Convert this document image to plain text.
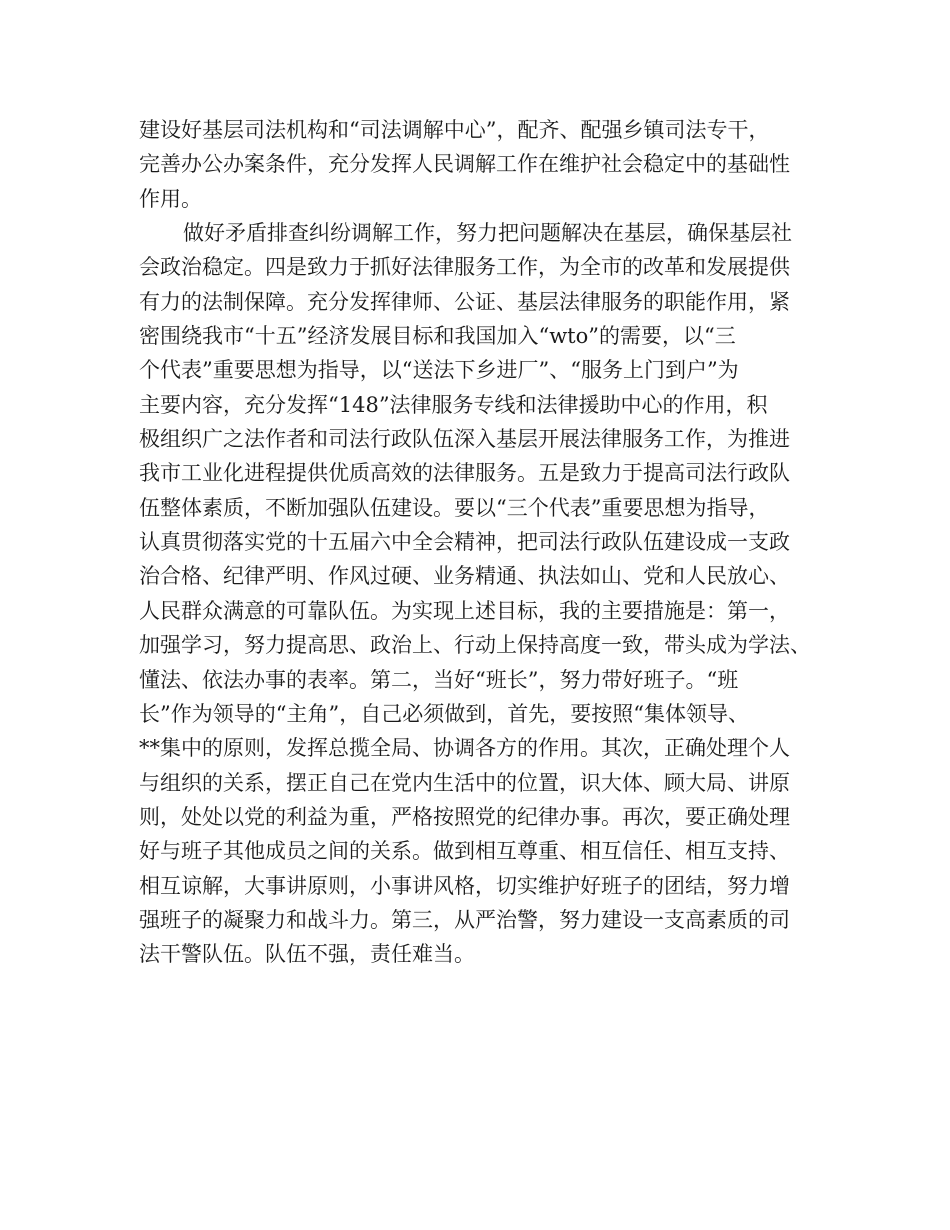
建设好基层司法机构和“司法调解中心”，配齐、配强乡镇司法专干，
完善办公办案条件，充分发挥人民调解工作在维护社会稳定中的基础性
作用。
做好矛盾排查纠纷调解工作，努力把问题解决在基层，确保基层社
会政治稳定。四是致力于抓好法律服务工作，为全市的改革和发展提供
有力的法制保障。充分发挥律师、公证、基层法律服务的职能作用，紧
密围绕我市“十五”经济发展目标和我国加入“wto”的需要，以“三
个代表”重要思想为指导，以“送法下乡进厂”、“服务上门到户”为
主要内容，充分发挥“148”法律服务专线和法律援助中心的作用，积
极组织广之法作者和司法行政队伍深入基层开展法律服务工作，为推进
我市工业化进程提供优质高效的法律服务。五是致力于提高司法行政队
伍整体素质，不断加强队伍建设。要以“三个代表”重要思想为指导，
认真贯彻落实党的十五届六中全会精神，把司法行政队伍建设成一支政
治合格、纪律严明、作风过硬、业务精通、执法如山、党和人民放心、
人民群众满意的可靠队伍。为实现上述目标，我的主要措施是：第一，
加强学习，努力提高思、政治上、行动上保持高度一致，带头成为学法、
懂法、依法办事的表率。第二，当好“班长”，努力带好班子。“班
长”作为领导的“主角”，自己必须做到，首先，要按照“集体领导、
**集中的原则，发挥总揽全局、协调各方的作用。其次，正确处理个人
与组织的关系，摆正自己在党内生活中的位置，识大体、顾大局、讲原
则，处处以党的利益为重，严格按照党的纪律办事。再次，要正确处理
好与班子其他成员之间的关系。做到相互尊重、相互信任、相互支持、
相互谅解，大事讲原则，小事讲风格，切实维护好班子的团结，努力增
强班子的凝聚力和战斗力。第三，从严治警，努力建设一支高素质的司
法干警队伍。队伍不强，责任难当。
